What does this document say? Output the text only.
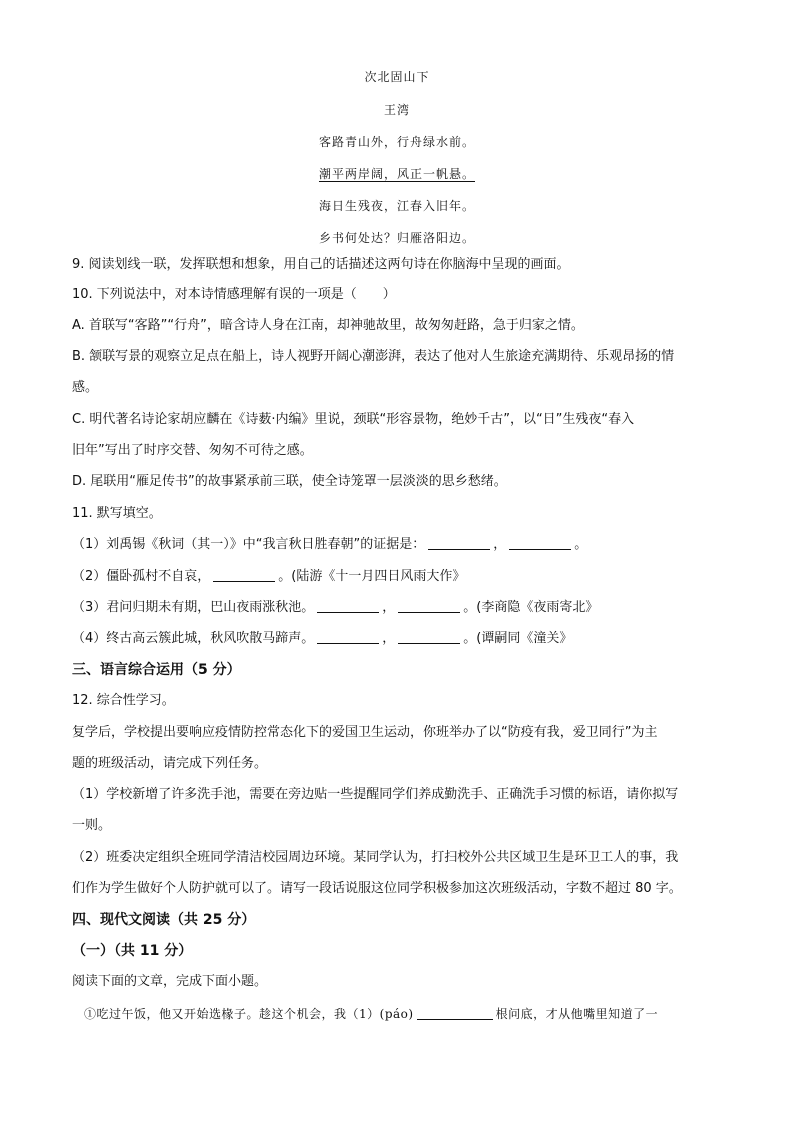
次北固山下
王湾
客路青山外，行舟绿水前。
潮平两岸阔，风正一帆悬。
海日生残夜，江春入旧年。
乡书何处达？归雁洛阳边。
9. 阅读划线一联，发挥联想和想象，用自己的话描述这两句诗在你脑海中呈现的画面。
10. 下列说法中，对本诗情感理解有误的一项是（　　）
A. 首联写“客路”“行舟”，暗含诗人身在江南，却神驰故里，故匆匆赶路，急于归家之情。
B. 颔联写景的观察立足点在船上，诗人视野开阔心潮澎湃，表达了他对人生旅途充满期待、乐观昂扬的情
感。
C. 明代著名诗论家胡应麟在《诗薮·内编》里说，颈联“形容景物，绝妙千古”，以“日”生残夜“春入
旧年”写出了时序交替、匆匆不可待之感。
D. 尾联用“雁足传书”的故事紧承前三联，使全诗笼罩一层淡淡的思乡愁绪。
11. 默写填空。
（1）刘禹锡《秋词（其一）》中“我言秋日胜春朝”的证据是：	，	。
（2）僵卧孤村不自哀，	。(陆游《十一月四日风雨大作》
（3）君问归期未有期，巴山夜雨涨秋池。	，	。(李商隐《夜雨寄北》
（4）终古高云簇此城，秋风吹散马蹄声。	，	。(谭嗣同《潼关》
三、语言综合运用（5 分）
12. 综合性学习。
复学后，学校提出要响应疫情防控常态化下的爱国卫生运动，你班举办了以“防疫有我，爱卫同行”为主
题的班级活动，请完成下列任务。
（1）学校新增了许多洗手池，需要在旁边贴一些提醒同学们养成勤洗手、正确洗手习惯的标语，请你拟写
一则。
（2）班委决定组织全班同学清洁校园周边环境。某同学认为，打扫校外公共区域卫生是环卫工人的事，我
们作为学生做好个人防护就可以了。请写一段话说服这位同学积极参加这次班级活动，字数不超过 80 字。
四、现代文阅读（共 25 分）
（一）（共 11 分）
阅读下面的文章，完成下面小题。
①吃过午饭，他又开始选椽子。趁这个机会，我（1）(páo)	根问底，才从他嘴里知道了一
